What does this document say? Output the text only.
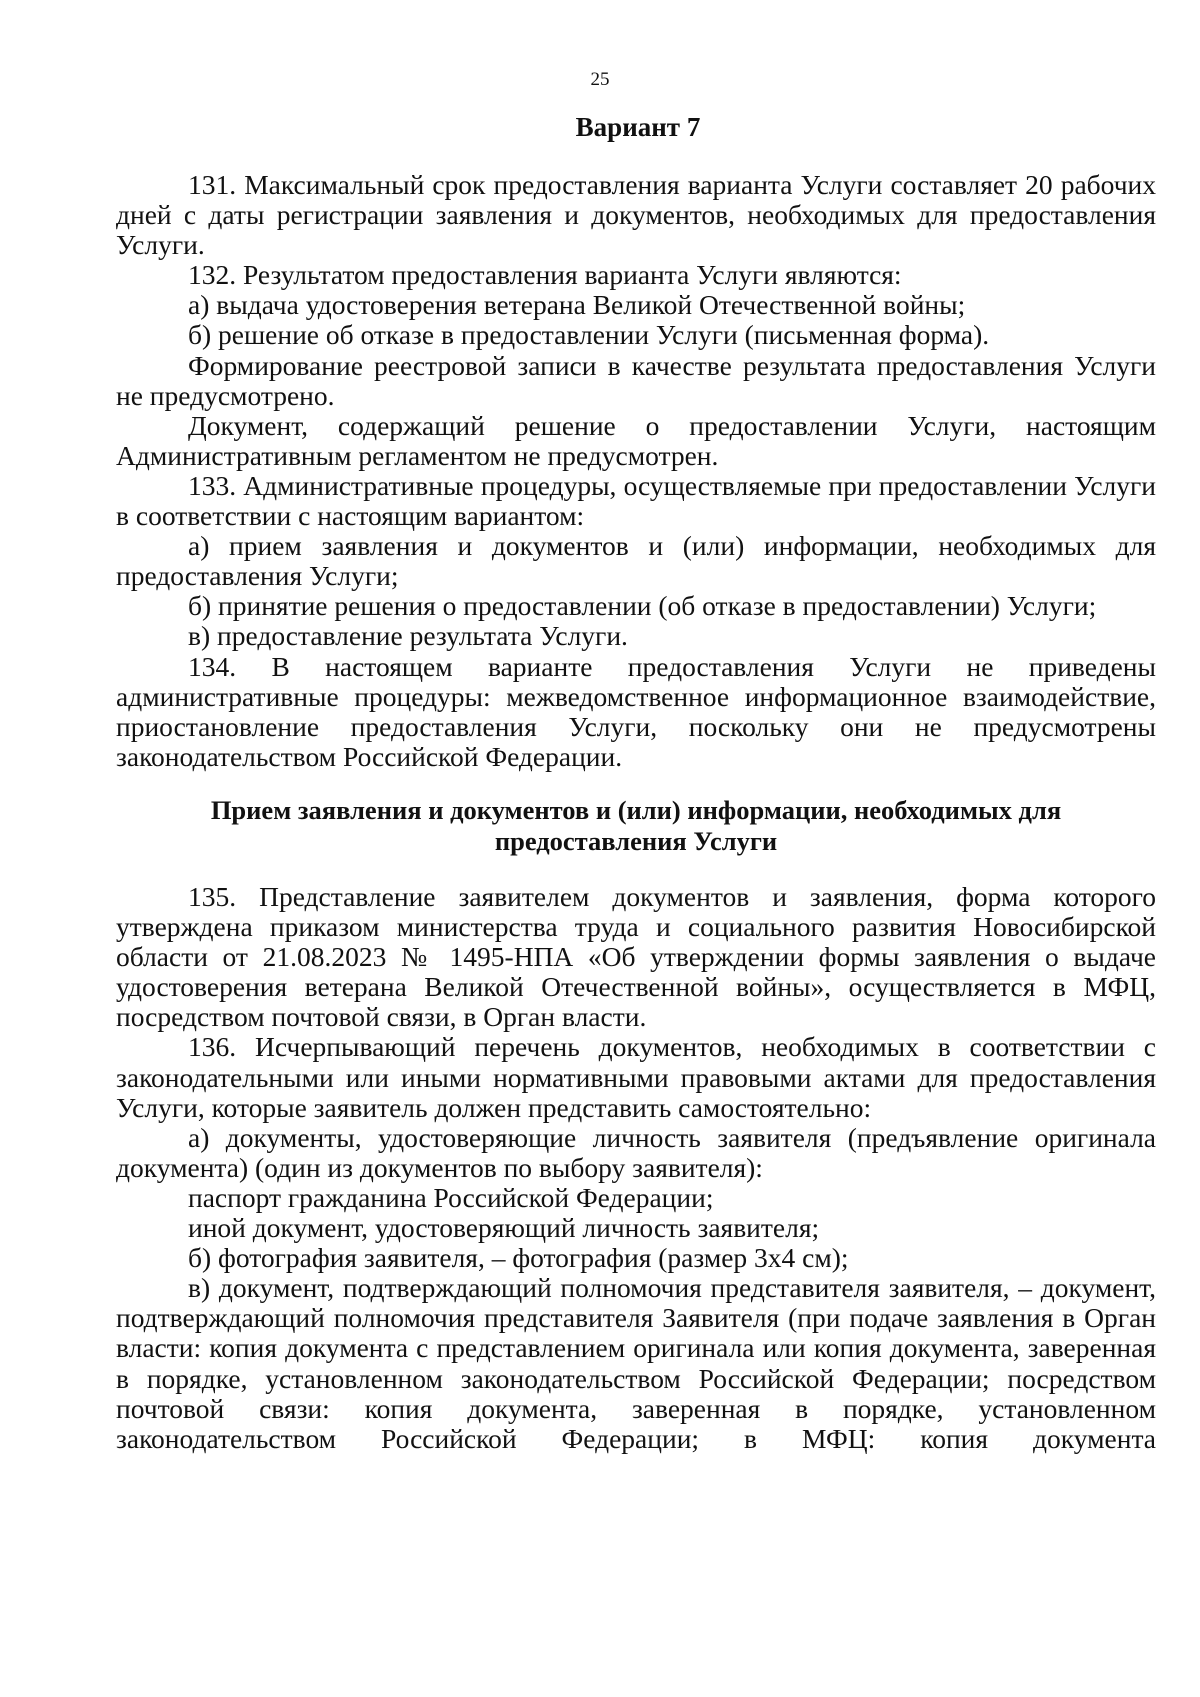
25
Вариант 7

131. Максимальный срок предоставления варианта Услуги составляет 20 рабочих дней с даты регистрации заявления и документов, необходимых для предоставления Услуги.

132. Результатом предоставления варианта Услуги являются:

а) выдача удостоверения ветерана Великой Отечественной войны;

б) решение об отказе в предоставлении Услуги (письменная форма).

Формирование реестровой записи в качестве результата предоставления Услуги не предусмотрено.

Документ, содержащий решение о предоставлении Услуги, настоящим Административным регламентом не предусмотрен.

133. Административные процедуры, осуществляемые при предоставлении Услуги в соответствии с настоящим вариантом:

а) прием заявления и документов и (или) информации, необходимых для предоставления Услуги;

б) принятие решения о предоставлении (об отказе в предоставлении) Услуги;

в) предоставление результата Услуги.

134. В настоящем варианте предоставления Услуги не приведены административные процедуры: межведомственное информационное взаимодействие, приостановление предоставления Услуги, поскольку они не предусмотрены законодательством Российской Федерации.

Прием заявления и документов и (или) информации, необходимых для
предоставления Услуги

135. Представление заявителем документов и заявления, форма которого утверждена приказом министерства труда и социального развития Новосибирской области от 21.08.2023 № 1495-НПА «Об утверждении формы заявления о выдаче удостоверения ветерана Великой Отечественной войны», осуществляется в МФЦ, посредством почтовой связи, в Орган власти.

136. Исчерпывающий перечень документов, необходимых в соответствии с законодательными или иными нормативными правовыми актами для предоставления Услуги, которые заявитель должен представить самостоятельно:

а) документы, удостоверяющие личность заявителя (предъявление оригинала документа) (один из документов по выбору заявителя):

паспорт гражданина Российской Федерации;

иной документ, удостоверяющий личность заявителя;

б) фотография заявителя, – фотография (размер 3x4 см);

в) документ, подтверждающий полномочия представителя заявителя, – документ, подтверждающий полномочия представителя Заявителя (при подаче заявления в Орган власти: копия документа с представлением оригинала или копия документа, заверенная в порядке, установленном законодательством Российской Федерации; посредством почтовой связи: копия документа, заверенная в порядке, установленном законодательством Российской Федерации; в МФЦ: копия документа
